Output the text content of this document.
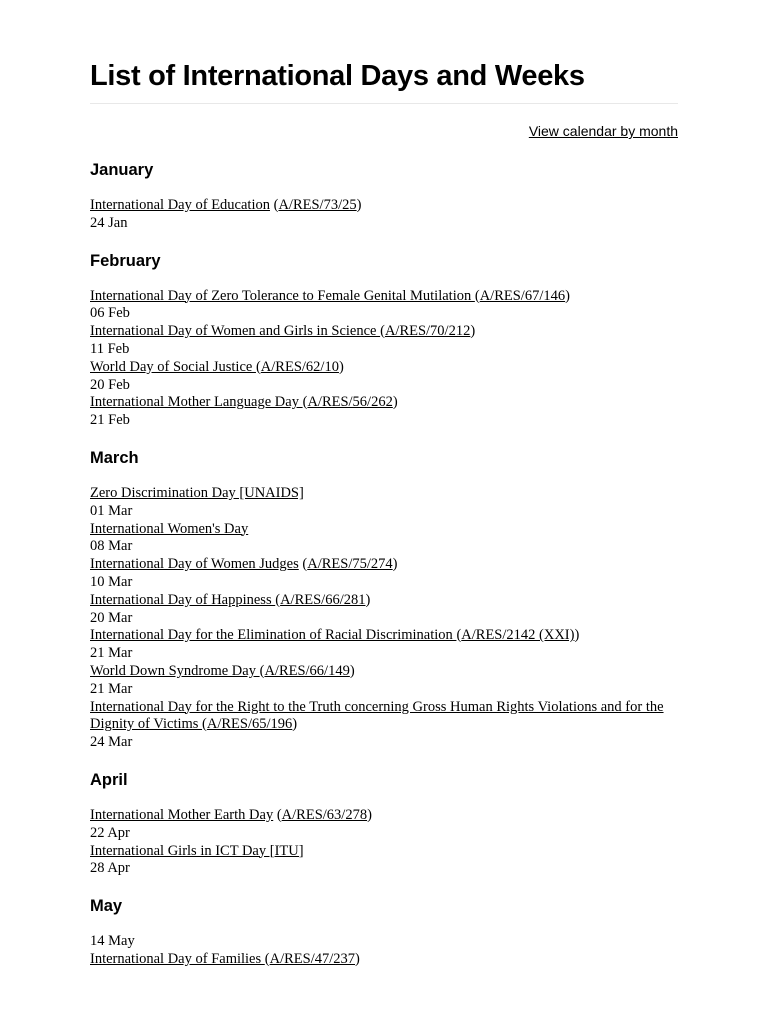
List of International Days and Weeks
View calendar by month
January
International Day of Education (A/RES/73/25)
24 Jan
February
International Day of Zero Tolerance to Female Genital Mutilation (A/RES/67/146)
06 Feb
International Day of Women and Girls in Science (A/RES/70/212)
11 Feb
World Day of Social Justice (A/RES/62/10)
20 Feb
International Mother Language Day (A/RES/56/262)
21 Feb
March
Zero Discrimination Day [UNAIDS]
01 Mar
International Women's Day
08 Mar
International Day of Women Judges (A/RES/75/274)
10 Mar
International Day of Happiness (A/RES/66/281)
20 Mar
International Day for the Elimination of Racial Discrimination (A/RES/2142 (XXI))
21 Mar
World Down Syndrome Day (A/RES/66/149)
21 Mar
International Day for the Right to the Truth concerning Gross Human Rights Violations and for the Dignity of Victims (A/RES/65/196)
24 Mar
April
International Mother Earth Day (A/RES/63/278)
22 Apr
International Girls in ICT Day [ITU]
28 Apr
May
14 May
International Day of Families (A/RES/47/237)
